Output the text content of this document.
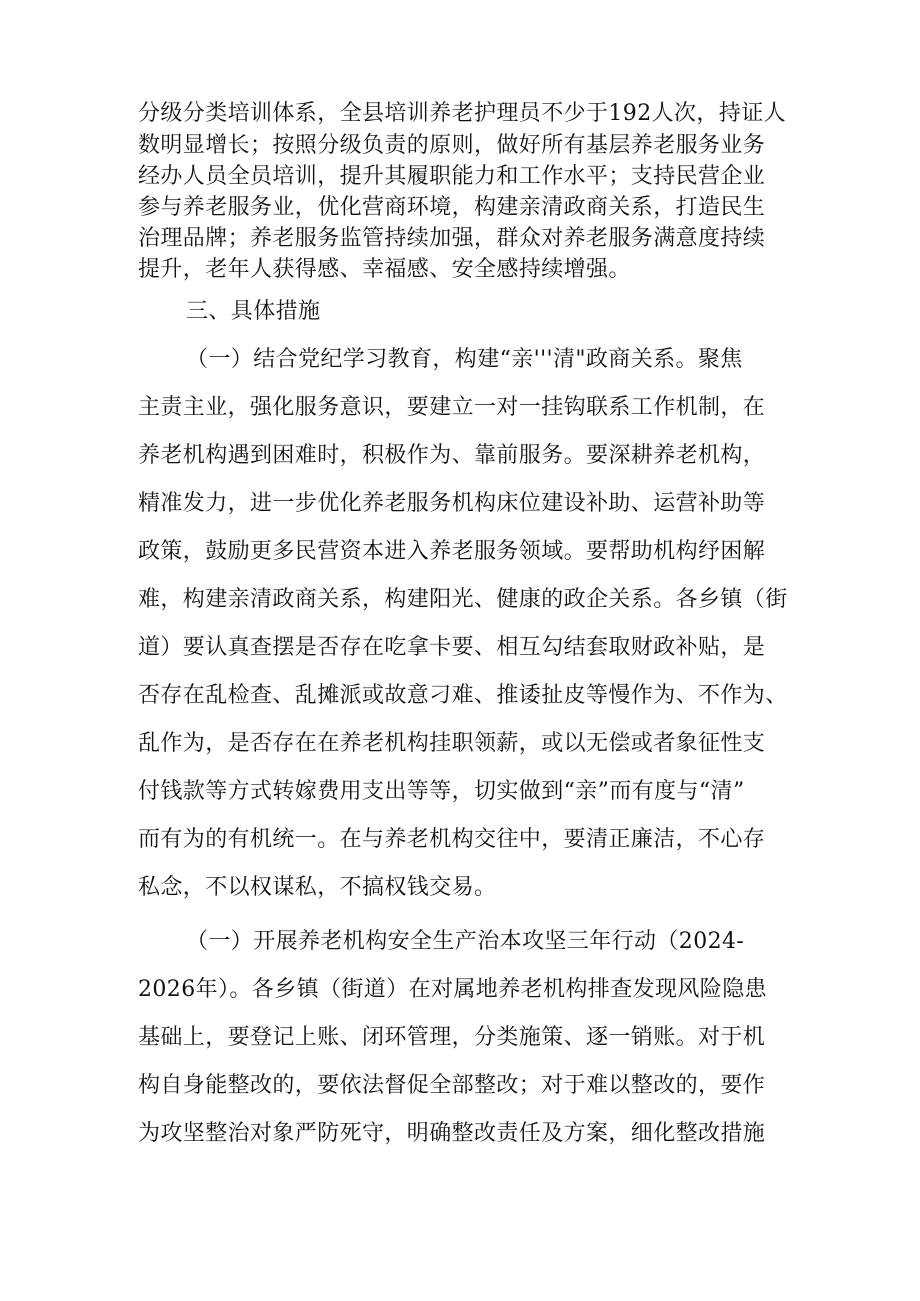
分级分类培训体系，全县培训养老护理员不少于192人次，持证人
数明显增长；按照分级负责的原则，做好所有基层养老服务业务
经办人员全员培训，提升其履职能力和工作水平；支持民营企业
参与养老服务业，优化营商环境，构建亲清政商关系，打造民生
治理品牌；养老服务监管持续加强，群众对养老服务满意度持续
提升，老年人获得感、幸福感、安全感持续增强。
三、具体措施
（一）结合党纪学习教育，构建“亲'''清"政商关系。聚焦
主责主业，强化服务意识，要建立一对一挂钩联系工作机制，在
养老机构遇到困难时，积极作为、靠前服务。要深耕养老机构，
精准发力，进一步优化养老服务机构床位建设补助、运营补助等
政策，鼓励更多民营资本进入养老服务领域。要帮助机构纾困解
难，构建亲清政商关系，构建阳光、健康的政企关系。各乡镇（街
道）要认真查摆是否存在吃拿卡要、相互勾结套取财政补贴，是
否存在乱检查、乱摊派或故意刁难、推诿扯皮等慢作为、不作为、
乱作为，是否存在在养老机构挂职领薪，或以无偿或者象征性支
付钱款等方式转嫁费用支出等等，切实做到“亲”而有度与“清”
而有为的有机统一。在与养老机构交往中，要清正廉洁，不心存
私念，不以权谋私，不搞权钱交易。
（一）开展养老机构安全生产治本攻坚三年行动（2024-
2026年）。各乡镇（街道）在对属地养老机构排查发现风险隐患
基础上，要登记上账、闭环管理，分类施策、逐一销账。对于机
构自身能整改的，要依法督促全部整改；对于难以整改的，要作
为攻坚整治对象严防死守，明确整改责任及方案，细化整改措施
